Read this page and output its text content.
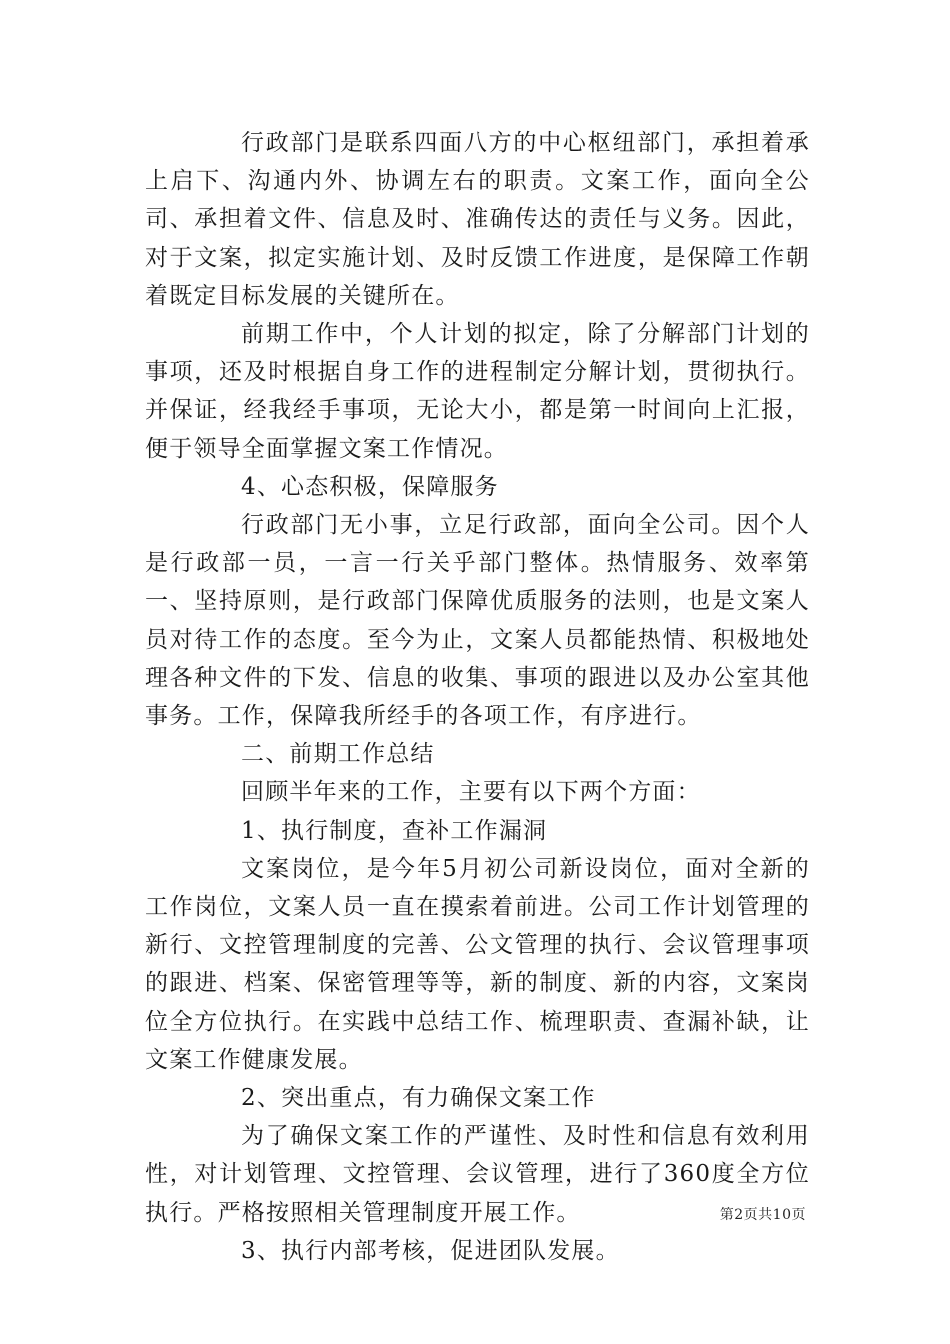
行政部门是联系四面八方的中心枢纽部门，承担着承上启下、沟通内外、协调左右的职责。文案工作，面向全公司、承担着文件、信息及时、准确传达的责任与义务。因此，对于文案，拟定实施计划、及时反馈工作进度，是保障工作朝着既定目标发展的关键所在。

前期工作中，个人计划的拟定，除了分解部门计划的事项，还及时根据自身工作的进程制定分解计划，贯彻执行。并保证，经我经手事项，无论大小，都是第一时间向上汇报，便于领导全面掌握文案工作情况。

4、心态积极，保障服务

行政部门无小事，立足行政部，面向全公司。因个人是行政部一员，一言一行关乎部门整体。热情服务、效率第一、坚持原则，是行政部门保障优质服务的法则，也是文案人员对待工作的态度。至今为止，文案人员都能热情、积极地处理各种文件的下发、信息的收集、事项的跟进以及办公室其他事务。工作，保障我所经手的各项工作，有序进行。

二、前期工作总结

回顾半年来的工作，主要有以下两个方面：

1、执行制度，查补工作漏洞

文案岗位，是今年5月初公司新设岗位，面对全新的工作岗位，文案人员一直在摸索着前进。公司工作计划管理的新行、文控管理制度的完善、公文管理的执行、会议管理事项的跟进、档案、保密管理等等，新的制度、新的内容，文案岗位全方位执行。在实践中总结工作、梳理职责、查漏补缺，让文案工作健康发展。

2、突出重点，有力确保文案工作

为了确保文案工作的严谨性、及时性和信息有效利用性，对计划管理、文控管理、会议管理，进行了360度全方位执行。严格按照相关管理制度开展工作。

3、执行内部考核，促进团队发展。

第2页共10页
